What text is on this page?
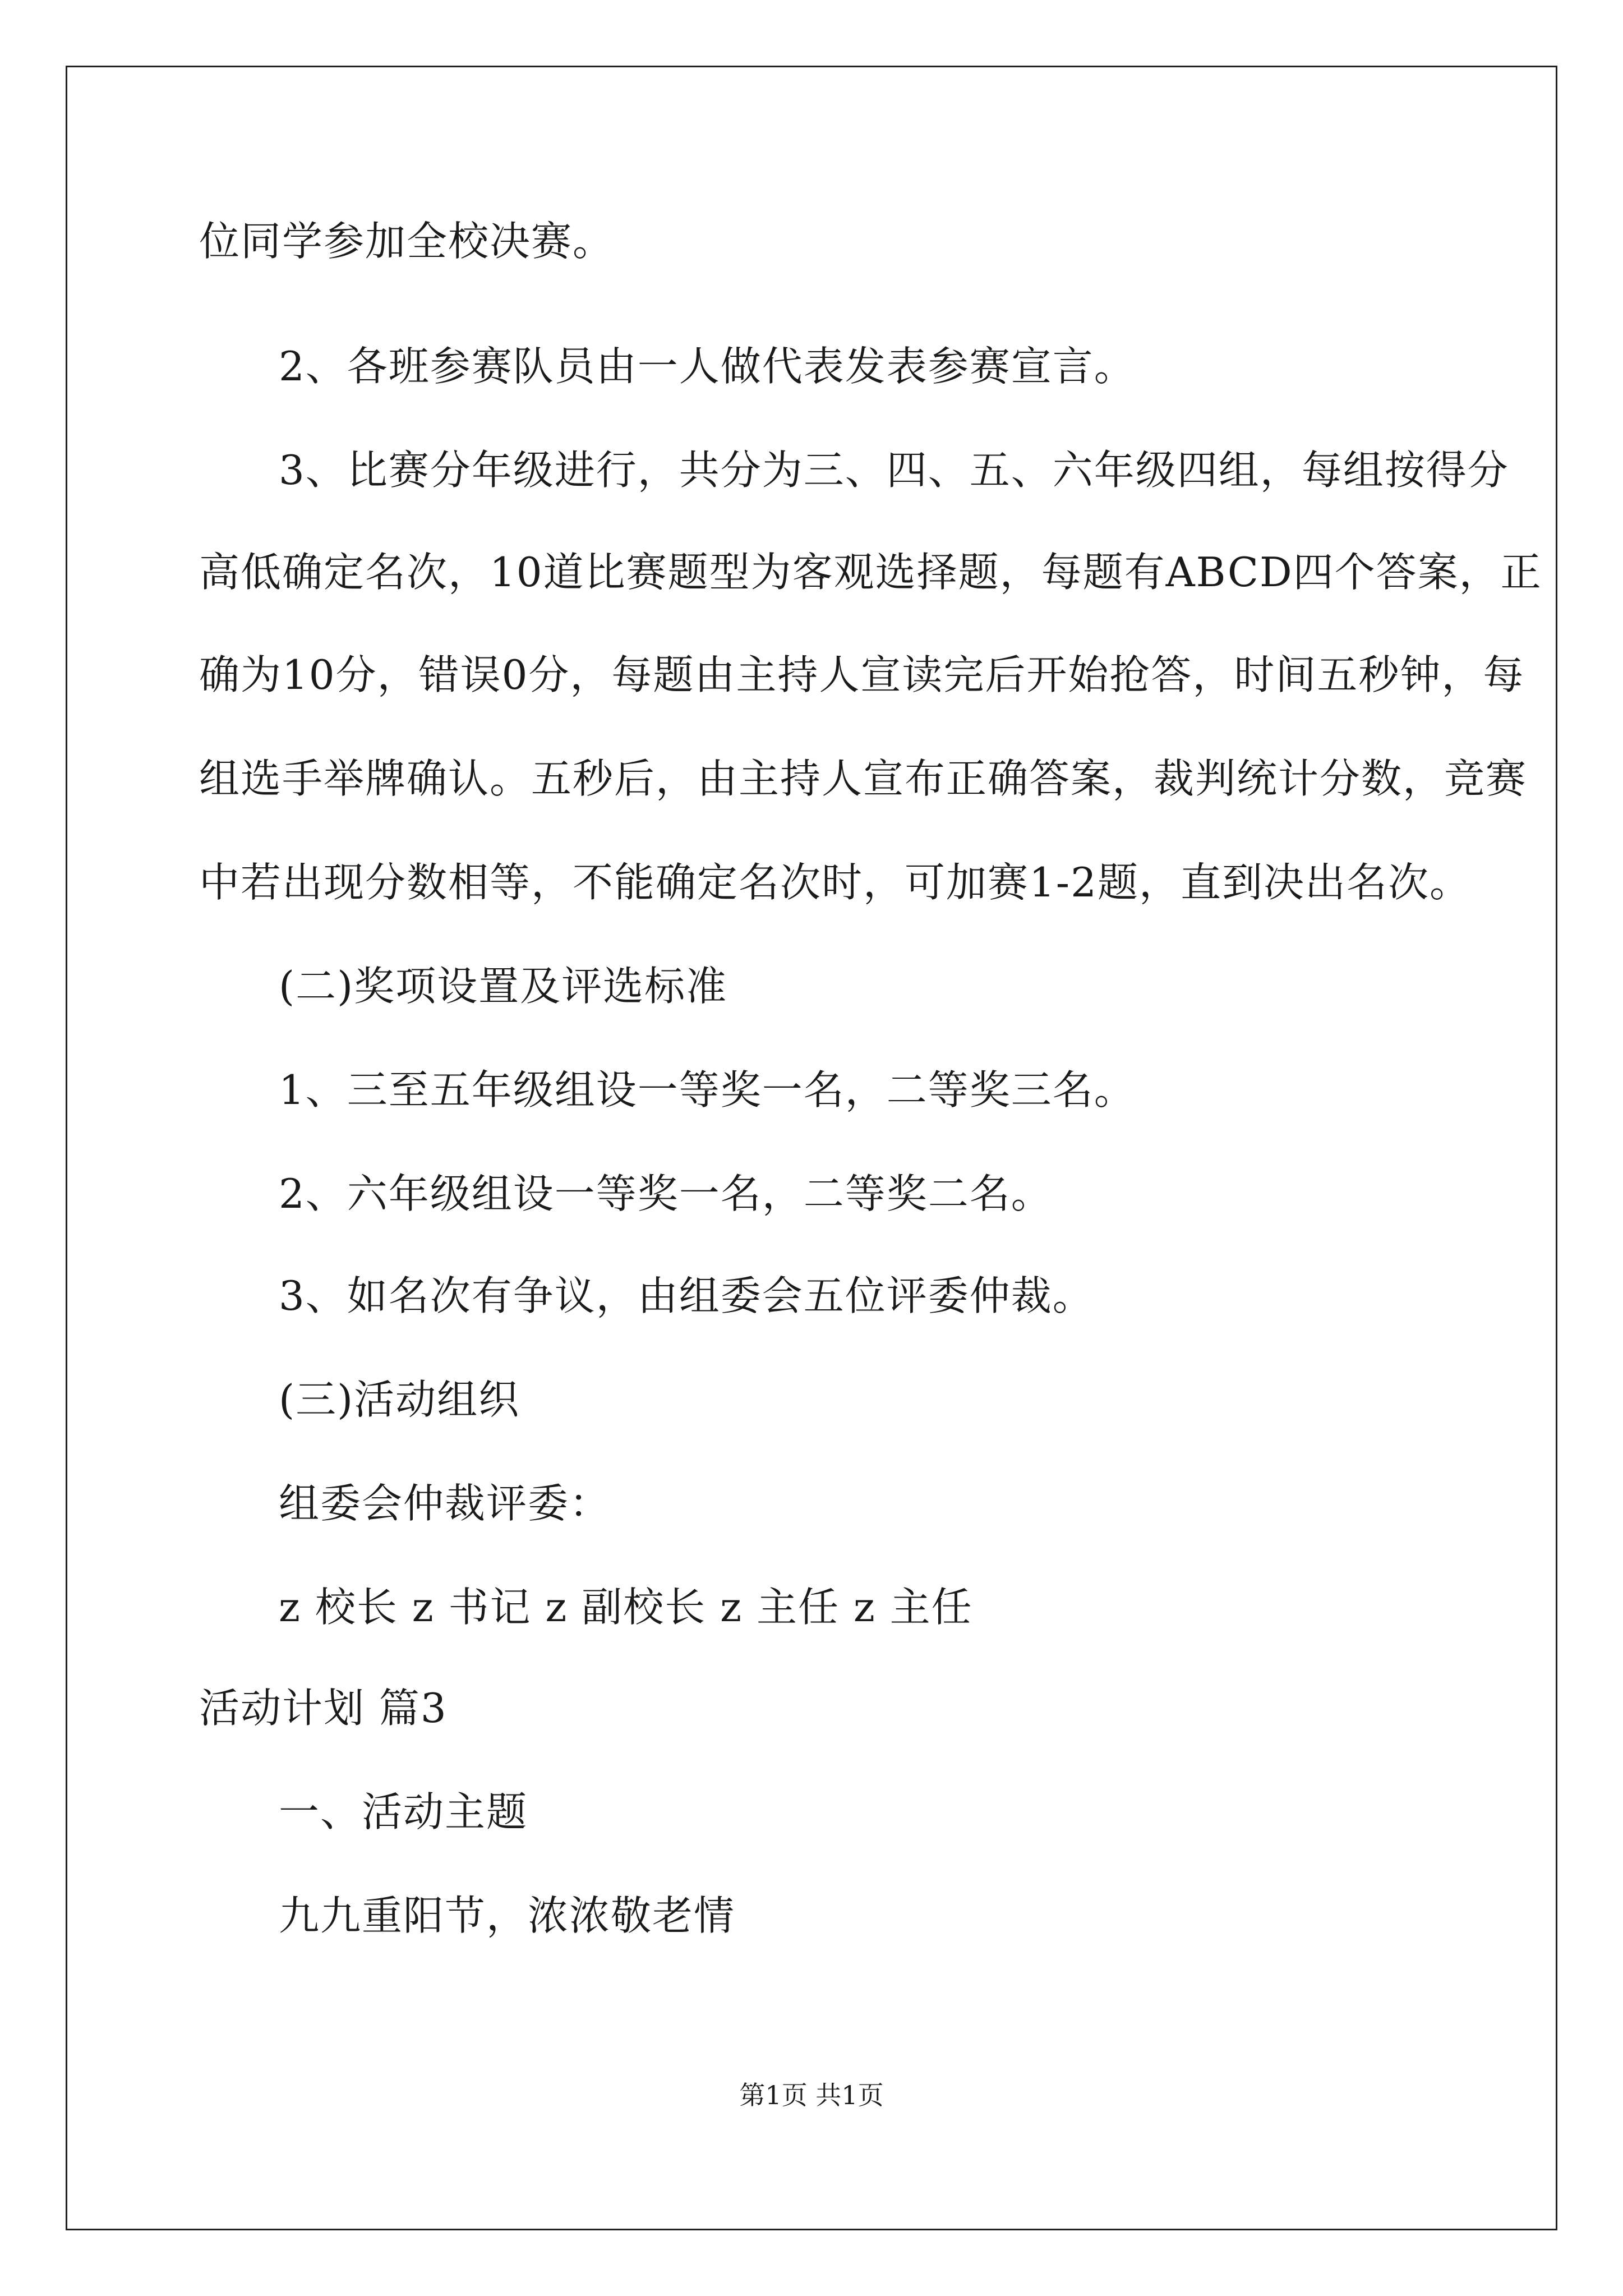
位同学参加全校决赛。
2、各班参赛队员由一人做代表发表参赛宣言。
3、比赛分年级进行，共分为三、四、五、六年级四组，每组按得分
高低确定名次，10道比赛题型为客观选择题，每题有ABCD四个答案，正
确为10分，错误0分，每题由主持人宣读完后开始抢答，时间五秒钟，每
组选手举牌确认。五秒后，由主持人宣布正确答案，裁判统计分数，竞赛
中若出现分数相等，不能确定名次时，可加赛1-2题，直到决出名次。
(二)奖项设置及评选标准
1、三至五年级组设一等奖一名，二等奖三名。
2、六年级组设一等奖一名，二等奖二名。
3、如名次有争议，由组委会五位评委仲裁。
(三)活动组织
组委会仲裁评委：
z 校长 z 书记 z 副校长 z 主任 z 主任
活动计划 篇3
一、活动主题
九九重阳节，浓浓敬老情
第1页 共1页
